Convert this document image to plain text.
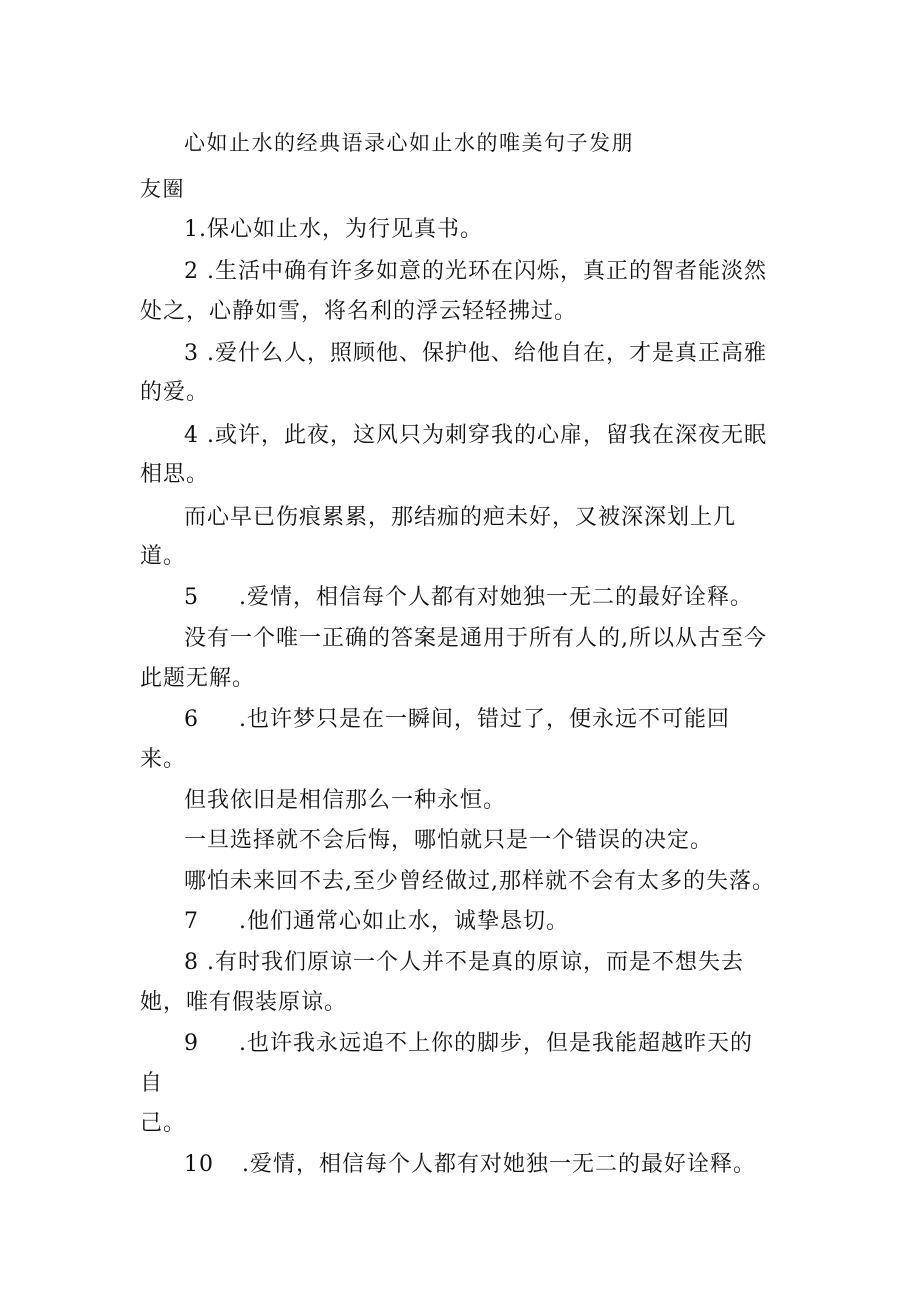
心如止水的经典语录心如止水的唯美句子发朋
友圈
1.保心如止水，为行见真书。
2 .生活中确有许多如意的光环在闪烁，真正的智者能淡然
处之，心静如雪，将名利的浮云轻轻拂过。
3 .爱什么人，照顾他、保护他、给他自在，才是真正高雅
的爱。
4 .或许，此夜，这风只为刺穿我的心扉，留我在深夜无眠
相思。
而心早已伤痕累累，那结痂的疤未好，又被深深划上几
道。
5 .爱情，相信每个人都有对她独一无二的最好诠释。
没有一个唯一正确的答案是通用于所有人的,所以从古至今
此题无解。
6 .也许梦只是在一瞬间，错过了，便永远不可能回
来。
但我依旧是相信那么一种永恒。
一旦选择就不会后悔，哪怕就只是一个错误的决定。
哪怕未来回不去,至少曾经做过,那样就不会有太多的失落。
7 .他们通常心如止水，诚挚恳切。
8 .有时我们原谅一个人并不是真的原谅，而是不想失去
她，唯有假装原谅。
9 .也许我永远追不上你的脚步，但是我能超越昨天的
自
己。
10 .爱情，相信每个人都有对她独一无二的最好诠释。
